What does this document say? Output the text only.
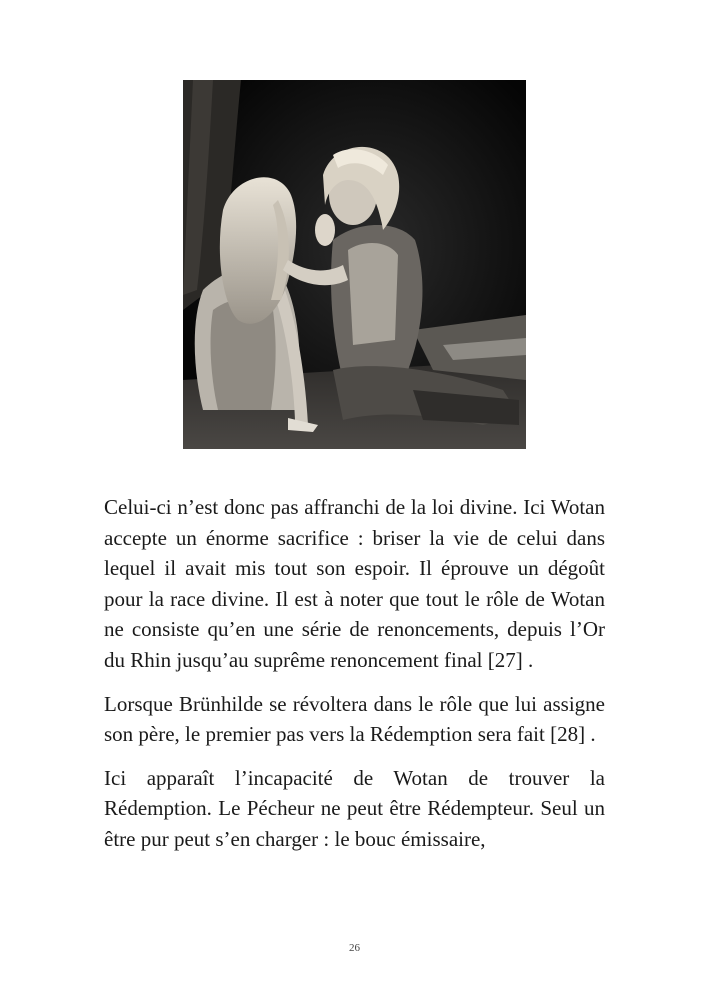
Celui-ci n’est donc pas affranchi de la loi divine. Ici Wotan accepte un énorme sacrifice : briser la vie de celui dans lequel il avait mis tout son espoir. Il éprouve un dégoût pour la race divine. Il est à noter que tout le rôle de Wotan ne consiste qu’en une série de renoncements, depuis l’Or du Rhin jusqu’au suprême renoncement final [27] .

Lorsque Brünhilde se révoltera dans le rôle que lui assigne son père, le premier pas vers la Rédemption sera fait [28] .

Ici apparaît l’incapacité de Wotan de trouver la Rédemption. Le Pécheur ne peut être Rédempteur. Seul un être pur peut s’en charger : le bouc émissaire,

26
